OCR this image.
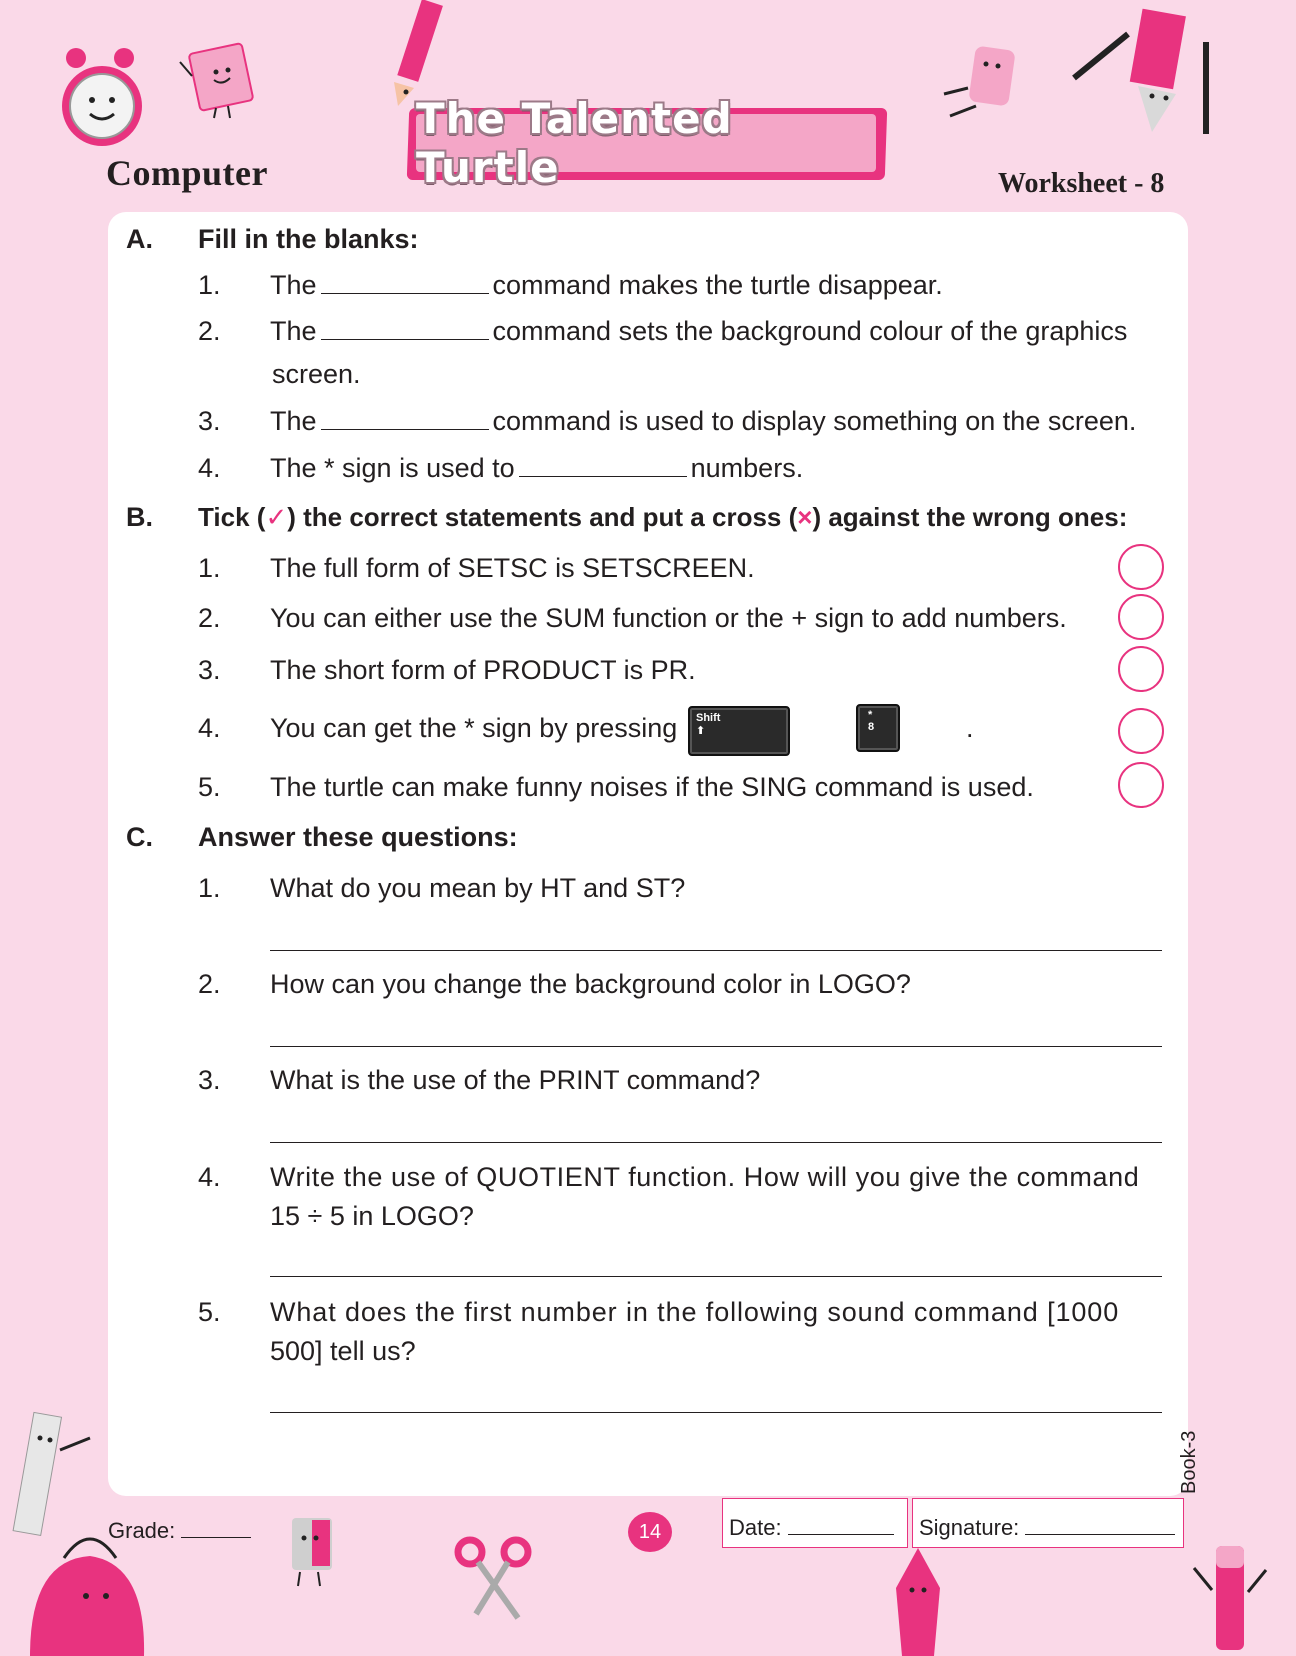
Computer
The Talented Turtle	Worksheet - 8
A. Fill in the blanks:
1. The	command makes the turtle disappear.
2. The	command sets the background colour of the graphics
screen.
3. The	command is used to display something on the screen.
4. The * sign is used to	numbers.
B. Tick (✓) the correct statements and put a cross (×) against the wrong ones:
1. The full form of SETSC is SETSCREEN.
2. You can either use the SUM function or the + sign to add numbers.
3. The short form of PRODUCT is PR.
4. You can get the * sign by pressing Shift
⬆
*
8	.
5. The turtle can make funny noises if the SING command is used.
C. Answer these questions:
1. What do you mean by HT and ST?
2. How can you change the background color in LOGO?
3. What is the use of the PRINT command?
4. Write the use of QUOTIENT function. How will you give the command
15 ÷ 5 in LOGO?
5. What does the first number in the following sound command [1000
500] tell us?
Book-3
Grade:	14	Date:	Signature:
